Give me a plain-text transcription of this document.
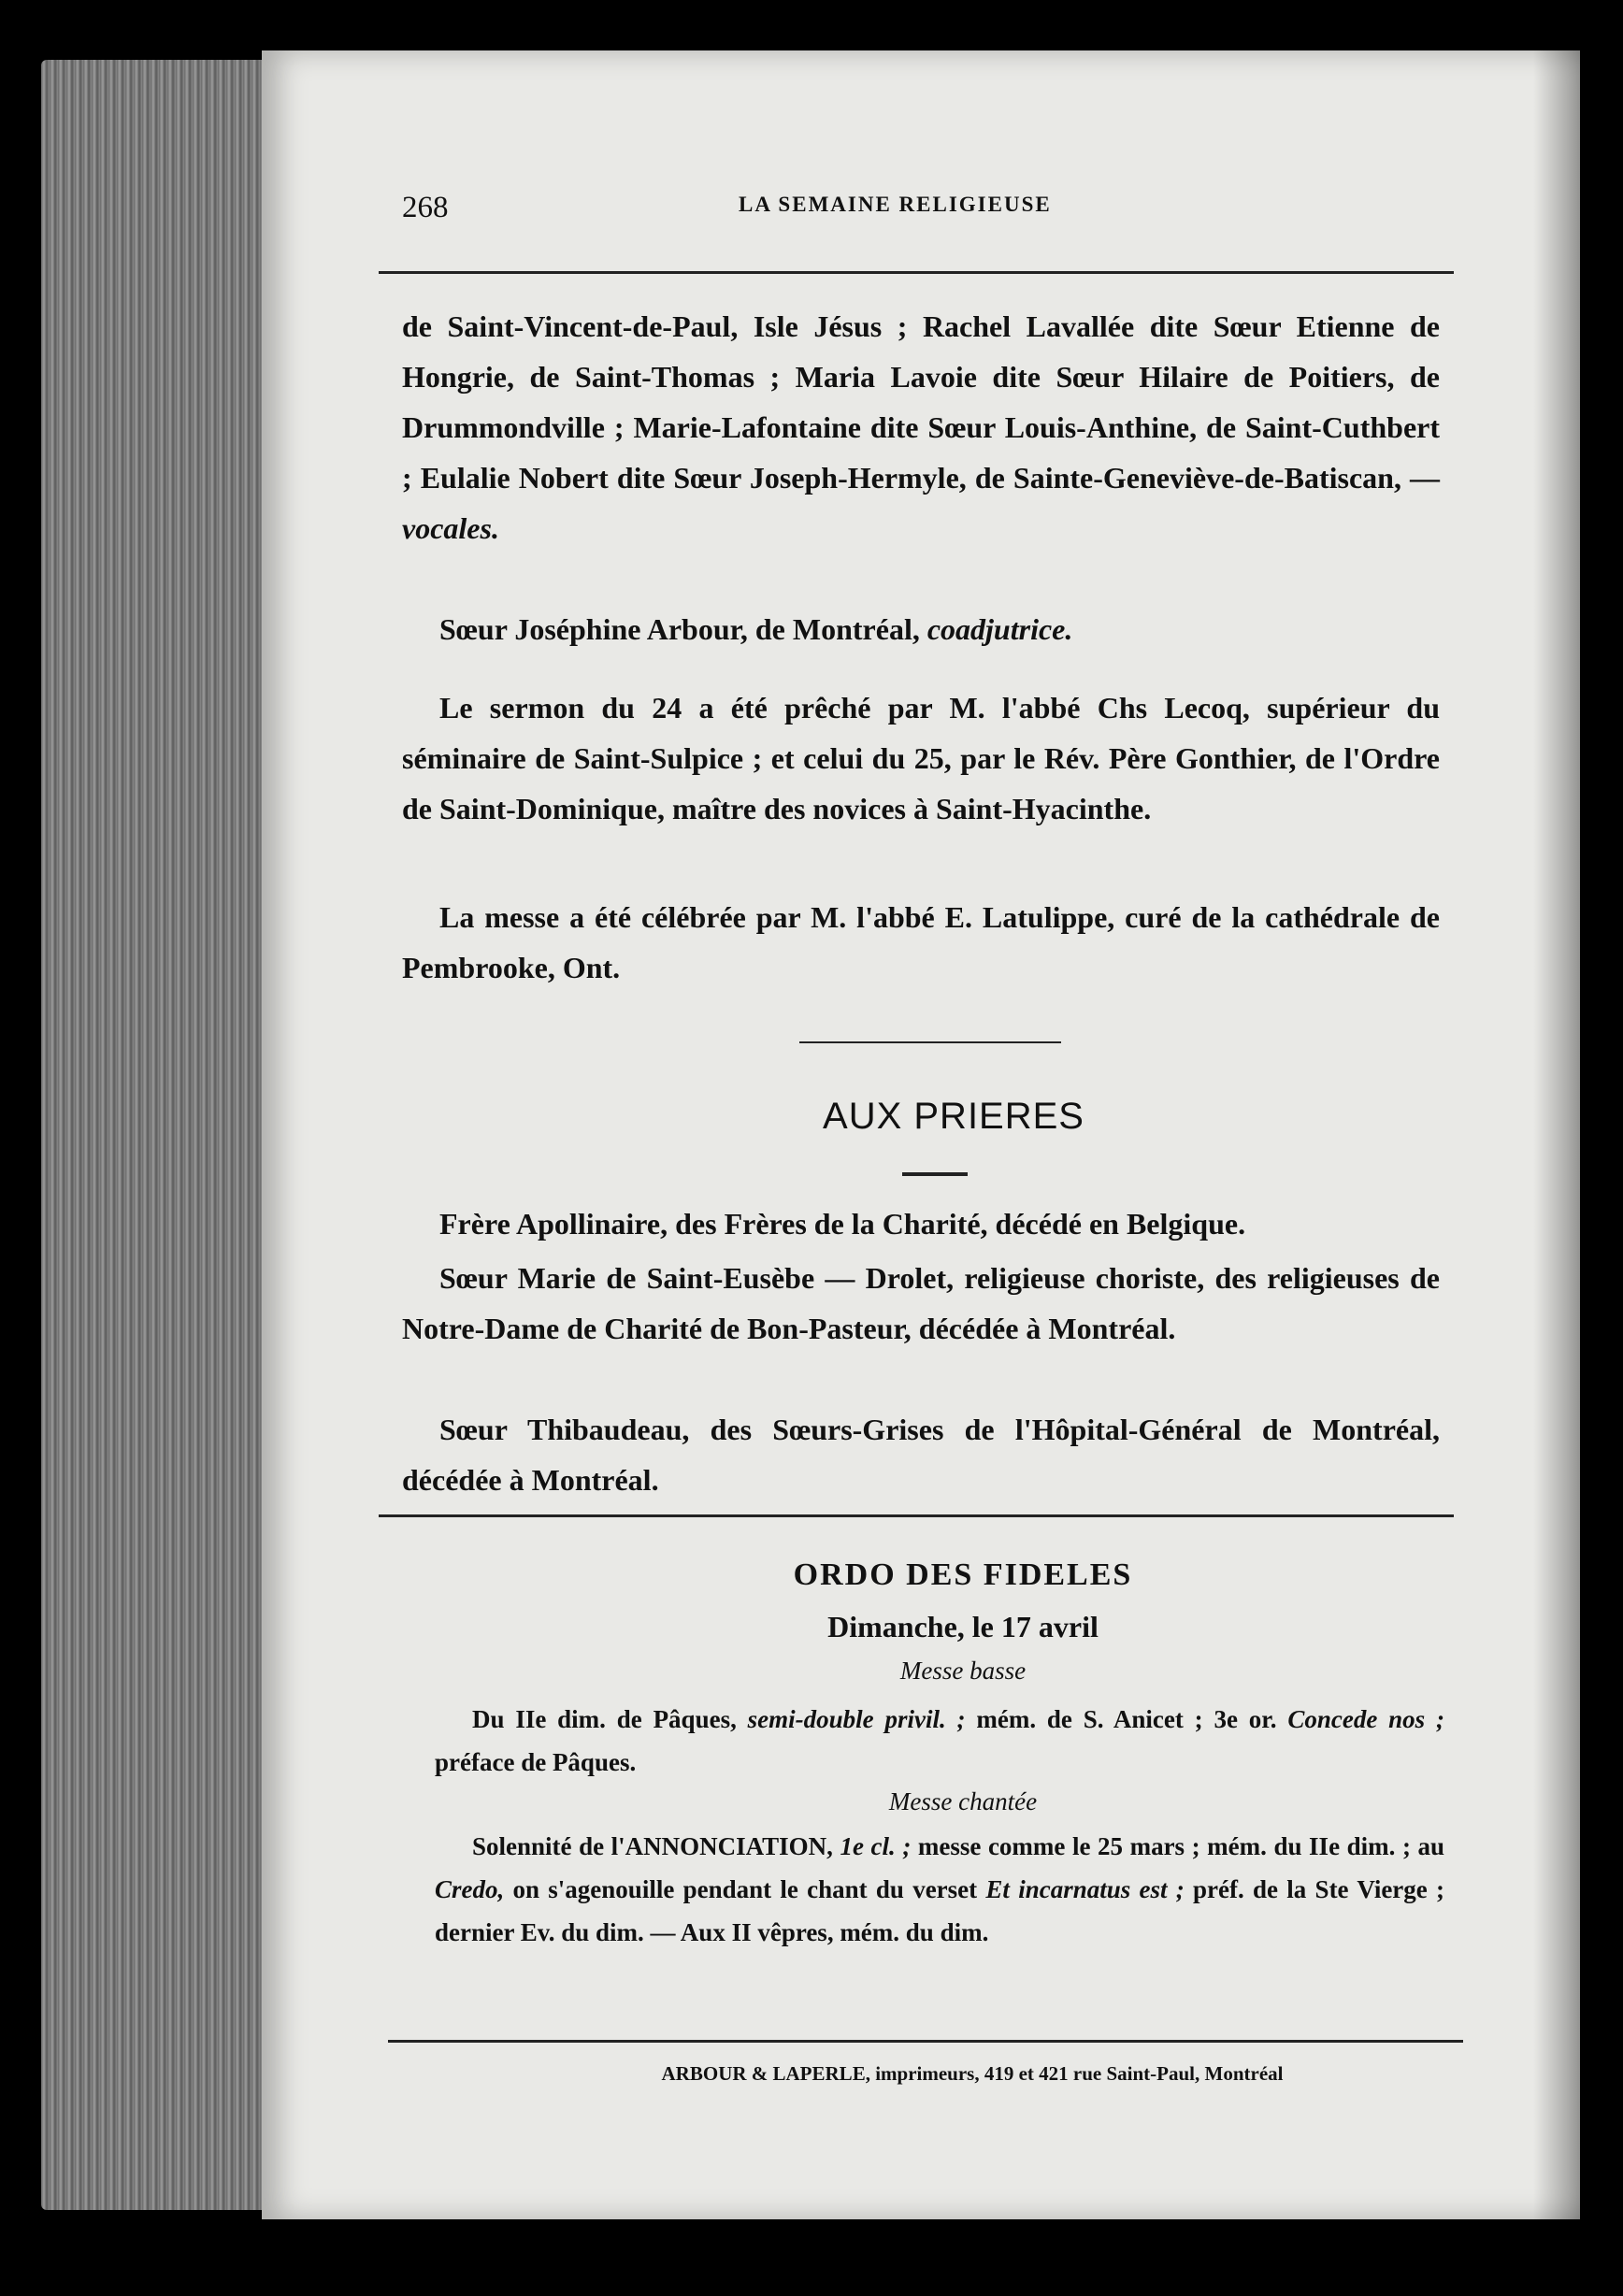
268	LA SEMAINE RELIGIEUSE
de Saint-Vincent-de-Paul, Isle Jésus ; Rachel Lavallée dite Sœur Etienne de Hongrie, de Saint-Thomas ; Maria Lavoie dite Sœur Hilaire de Poitiers, de Drummondville ; Marie-Lafontaine dite Sœur Louis-Anthine, de Saint-Cuthbert ; Eulalie Nobert dite Sœur Joseph-Hermyle, de Sainte-Geneviève-de-Batiscan, — vocales.
Sœur Joséphine Arbour, de Montréal, coadjutrice.
Le sermon du 24 a été prêché par M. l'abbé Chs Lecoq, supérieur du séminaire de Saint-Sulpice ; et celui du 25, par le Rév. Père Gonthier, de l'Ordre de Saint-Dominique, maître des novices à Saint-Hyacinthe.
La messe a été célébrée par M. l'abbé E. Latulippe, curé de la cathédrale de Pembrooke, Ont.
AUX PRIERES
Frère Apollinaire, des Frères de la Charité, décédé en Belgique.
Sœur Marie de Saint-Eusèbe — Drolet, religieuse choriste, des religieuses de Notre-Dame de Charité de Bon-Pasteur, décédée à Montréal.
Sœur Thibaudeau, des Sœurs-Grises de l'Hôpital-Général de Montréal, décédée à Montréal.
ORDO DES FIDELES
Dimanche, le 17 avril
Messe basse
Du IIe dim. de Pâques, semi-double privil. ; mém. de S. Anicet ; 3e or. Concede nos ; préface de Pâques.
Messe chantée
Solennité de l'ANNONCIATION, 1e cl. ; messe comme le 25 mars ; mém. du IIe dim. ; au Credo, on s'agenouille pendant le chant du verset Et incarnatus est ; préf. de la Ste Vierge ; dernier Ev. du dim. — Aux II vêpres, mém. du dim.
ARBOUR & LAPERLE, imprimeurs, 419 et 421 rue Saint-Paul, Montréal
